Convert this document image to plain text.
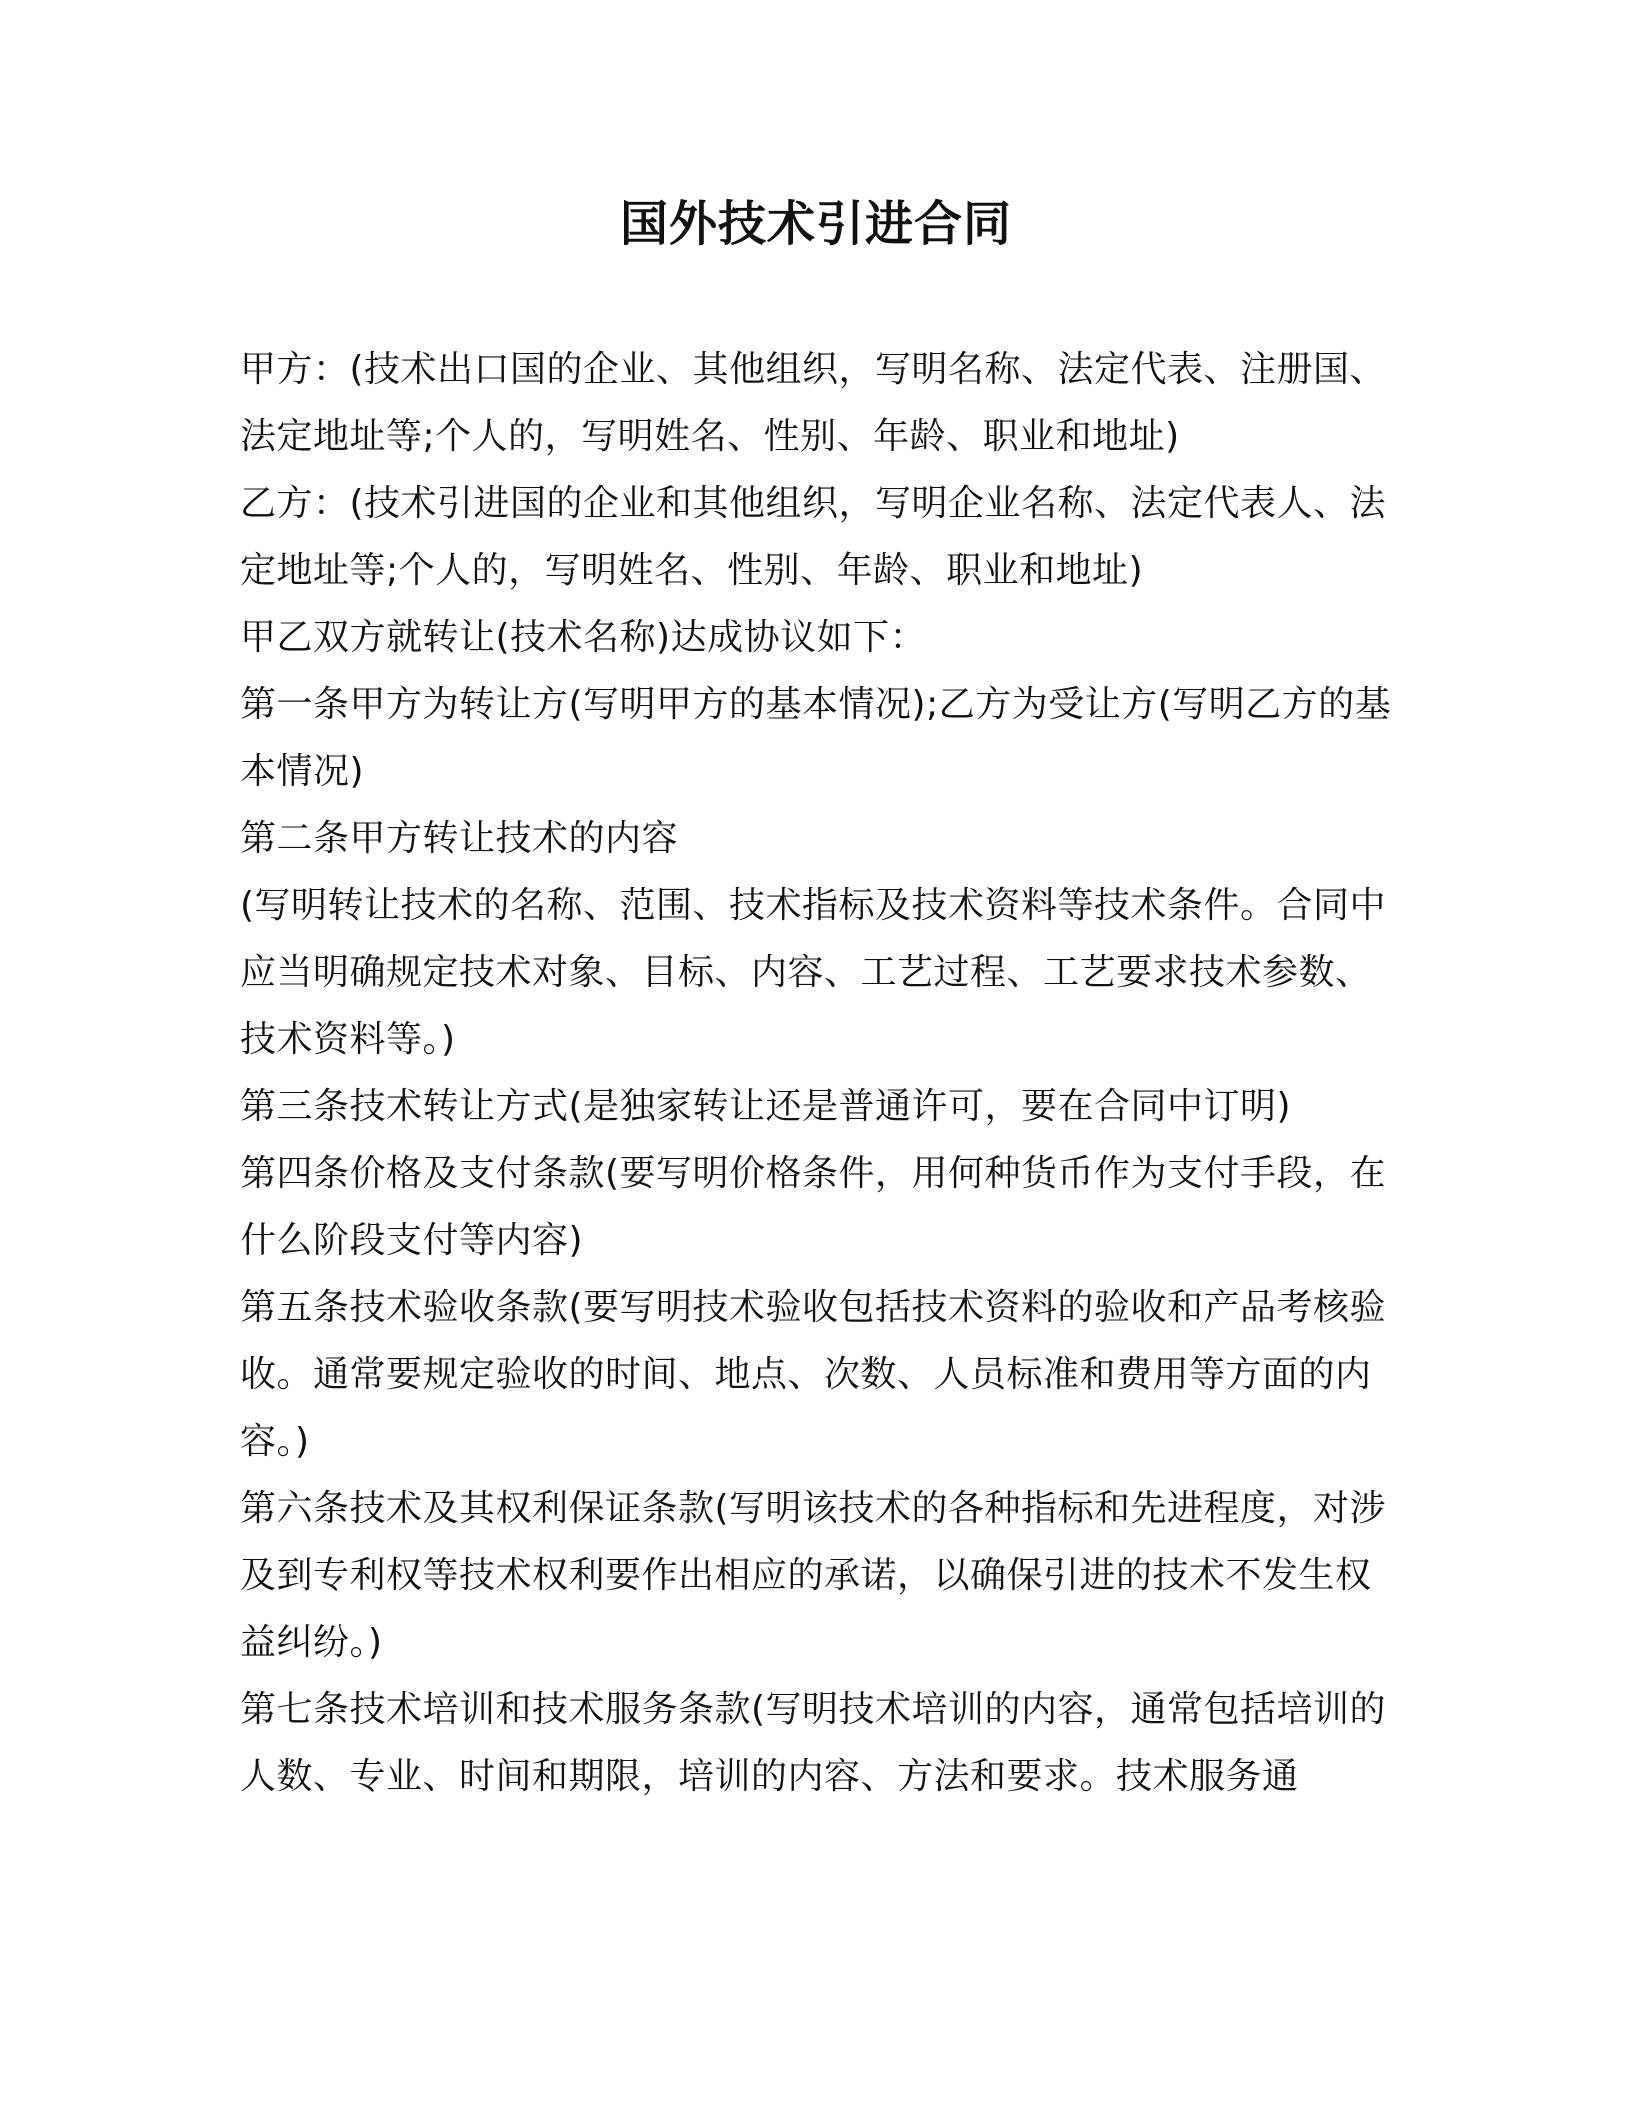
国外技术引进合同

甲方：(技术出口国的企业、其他组织，写明名称、法定代表、注册国、法定地址等;个人的，写明姓名、性别、年龄、职业和地址)

乙方：(技术引进国的企业和其他组织，写明企业名称、法定代表人、法定地址等;个人的，写明姓名、性别、年龄、职业和地址)

甲乙双方就转让(技术名称)达成协议如下：

第一条甲方为转让方(写明甲方的基本情况);乙方为受让方(写明乙方的基本情况)

第二条甲方转让技术的内容

(写明转让技术的名称、范围、技术指标及技术资料等技术条件。合同中应当明确规定技术对象、目标、内容、工艺过程、工艺要求技术参数、技术资料等。)

第三条技术转让方式(是独家转让还是普通许可，要在合同中订明)

第四条价格及支付条款(要写明价格条件，用何种货币作为支付手段，在什么阶段支付等内容)

第五条技术验收条款(要写明技术验收包括技术资料的验收和产品考核验收。通常要规定验收的时间、地点、次数、人员标准和费用等方面的内容。)

第六条技术及其权利保证条款(写明该技术的各种指标和先进程度，对涉及到专利权等技术权利要作出相应的承诺，以确保引进的技术不发生权益纠纷。)

第七条技术培训和技术服务条款(写明技术培训的内容，通常包括培训的人数、专业、时间和期限，培训的内容、方法和要求。技术服务通
